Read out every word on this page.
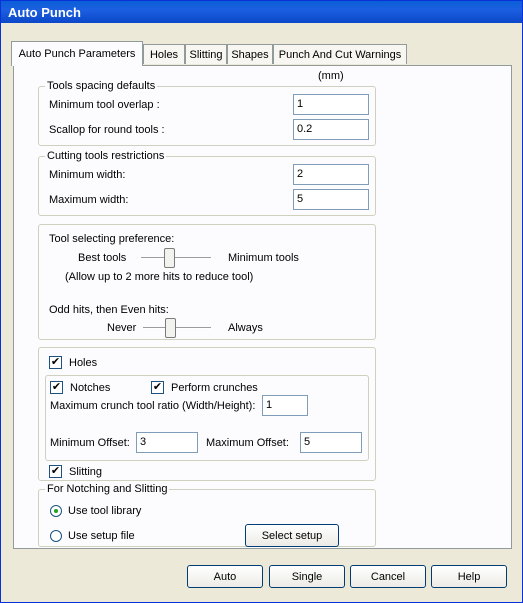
Auto Punch
Auto Punch Parameters	Holes	Slitting Shapes Punch And Cut Warnings
(mm)
Tools spacing defaults
Minimum tool overlap :	1
Scallop for round tools :	0.2
Cutting tools restrictions
Minimum width:	2
Maximum width:	5
Tool selecting preference:
Best tools	Minimum tools
(Allow up to 2 more hits to reduce tool)
Odd hits, then Even hits:
Never	Always
✔ Holes
✔ Notches	✔ Perform crunches
Maximum crunch tool ratio (Width/Height): 1
Minimum Offset: 3	Maximum Offset:	5
✔ Slitting
For Notching and Slitting
Use tool library
Use setup file	Select setup
Auto	Single	Cancel	Help
